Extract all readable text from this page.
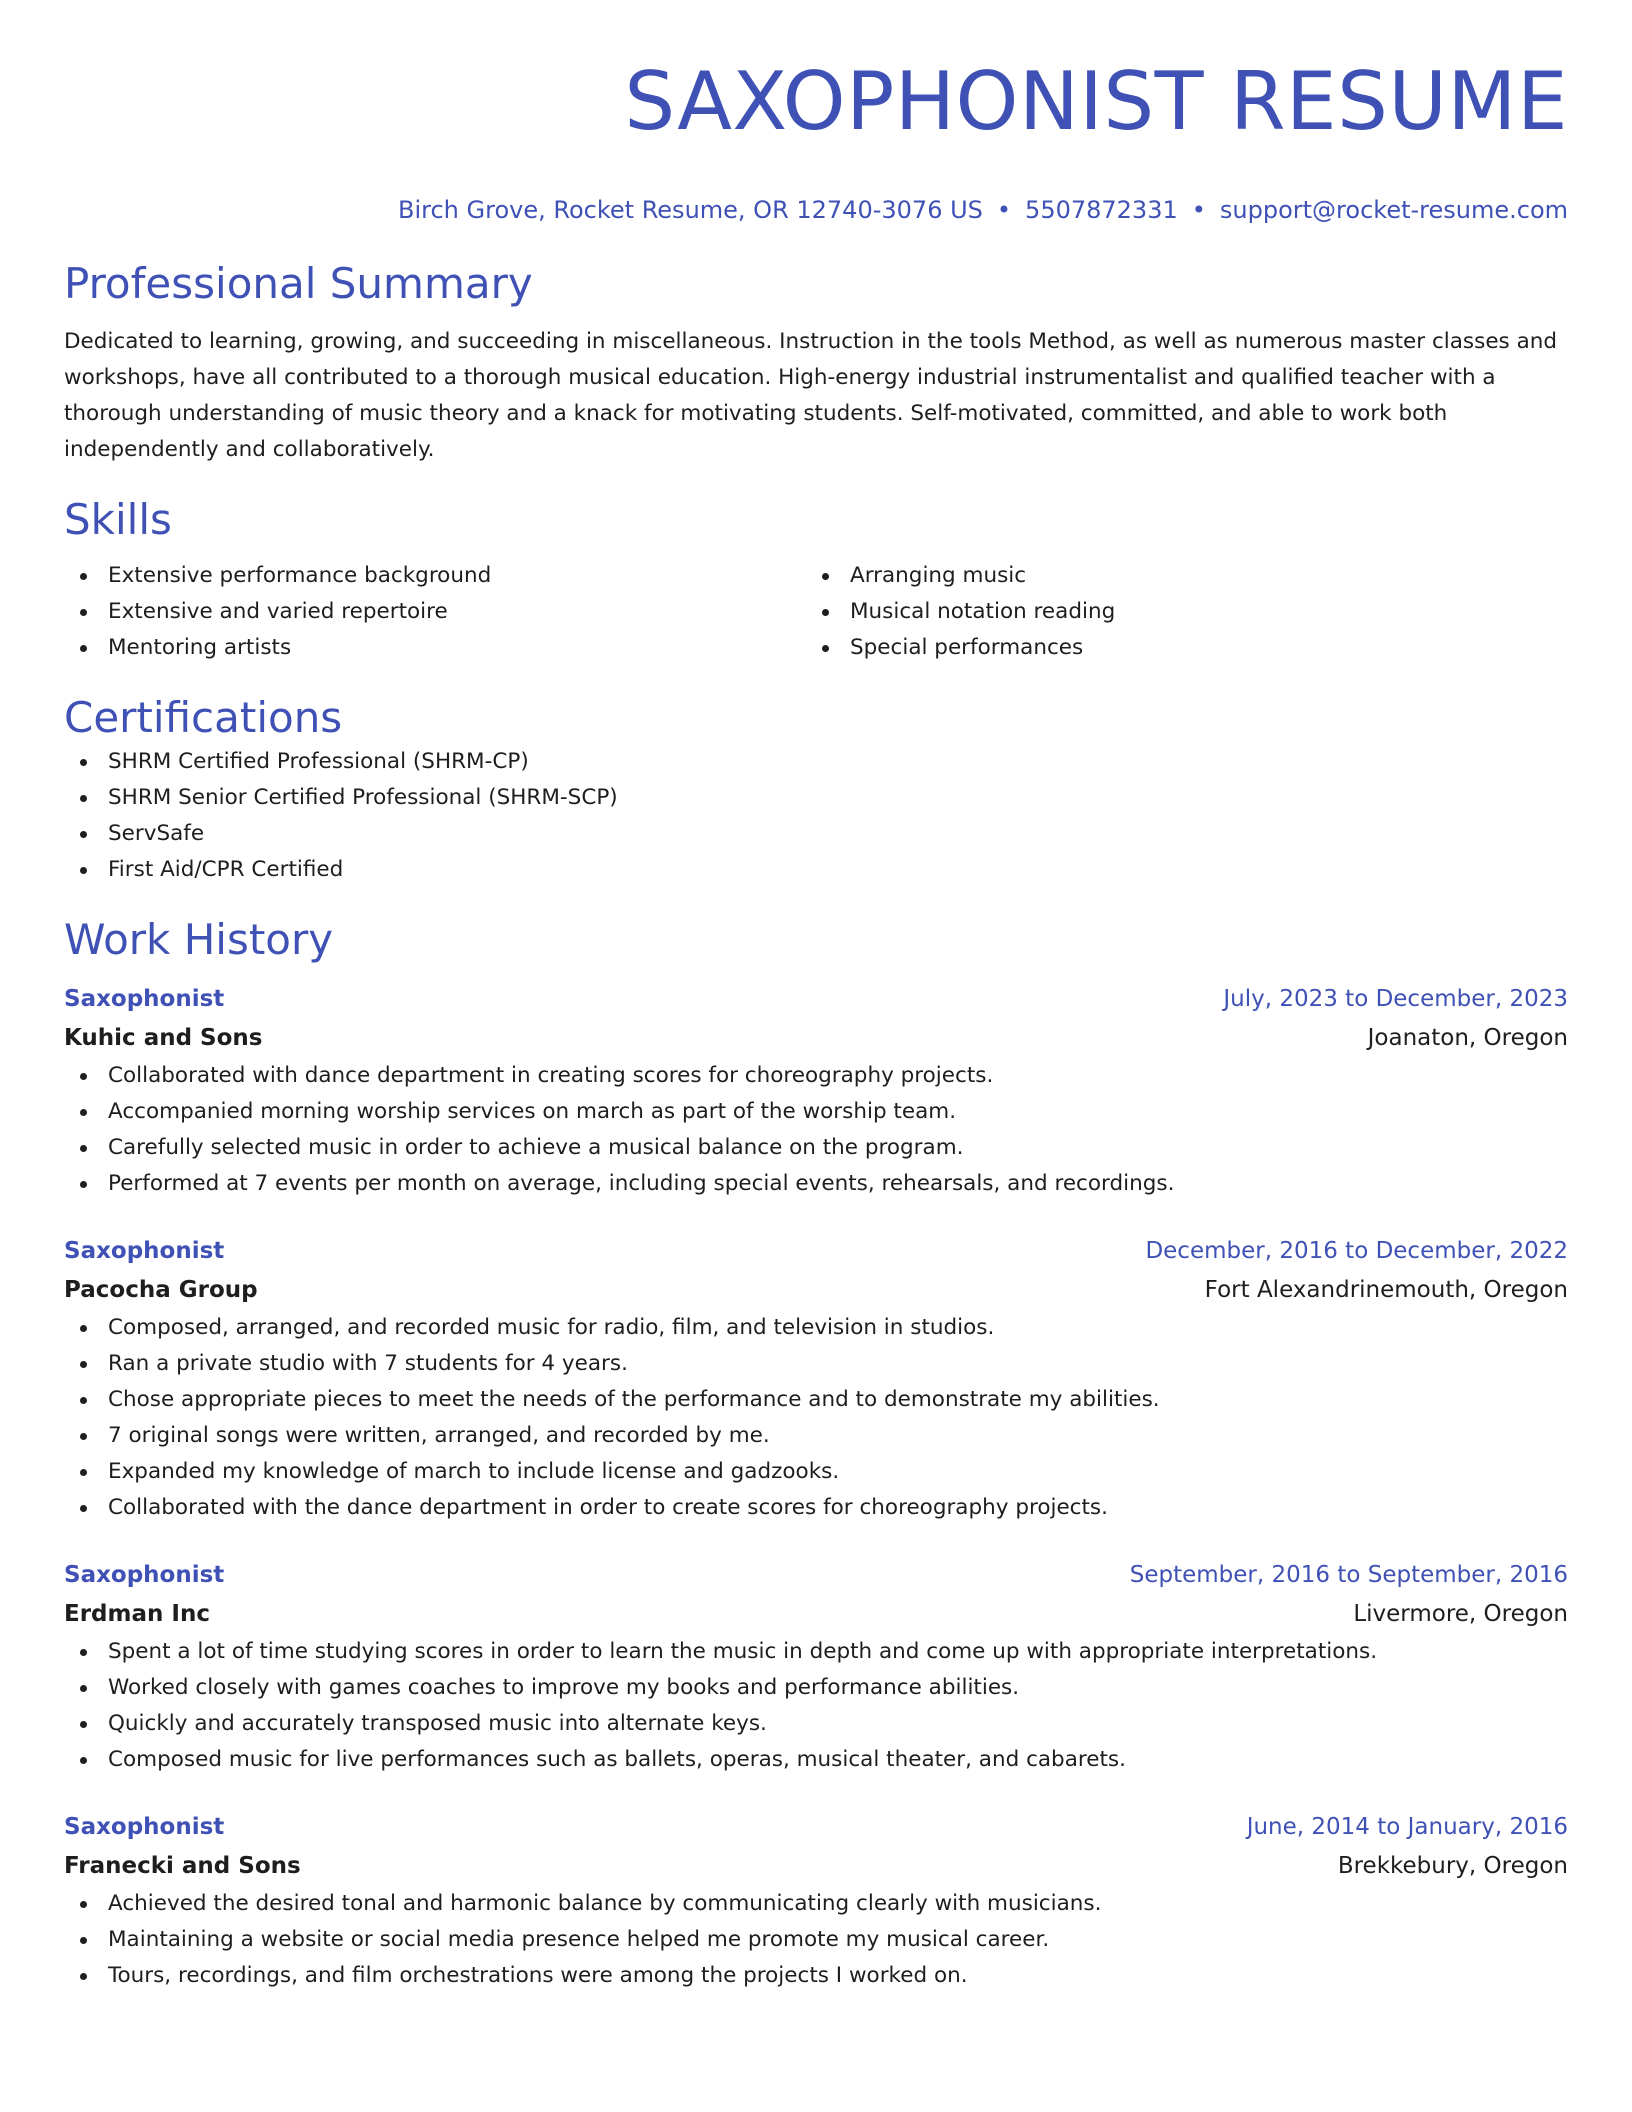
SAXOPHONIST RESUME
Birch Grove, Rocket Resume, OR 12740-3076 US • 5507872331 • support@rocket-resume.com
Professional Summary

Dedicated to learning, growing, and succeeding in miscellaneous. Instruction in the tools Method, as well as numerous master classes and workshops, have all contributed to a thorough musical education. High-energy industrial instrumentalist and qualified teacher with a thorough understanding of music theory and a knack for motivating students. Self-motivated, committed, and able to work both independently and collaboratively.

Skills
Extensive performance background
Extensive and varied repertoire
Mentoring artists
Arranging music
Musical notation reading
Special performances
Certifications
SHRM Certified Professional (SHRM-CP)
SHRM Senior Certified Professional (SHRM-SCP)
ServSafe
First Aid/CPR Certified
Work History
Saxophonist	July, 2023 to December, 2023
Kuhic and Sons	Joanaton, Oregon
Collaborated with dance department in creating scores for choreography projects.
Accompanied morning worship services on march as part of the worship team.
Carefully selected music in order to achieve a musical balance on the program.
Performed at 7 events per month on average, including special events, rehearsals, and recordings.
Saxophonist	December, 2016 to December, 2022
Pacocha Group	Fort Alexandrinemouth, Oregon
Composed, arranged, and recorded music for radio, film, and television in studios.
Ran a private studio with 7 students for 4 years.
Chose appropriate pieces to meet the needs of the performance and to demonstrate my abilities.
7 original songs were written, arranged, and recorded by me.
Expanded my knowledge of march to include license and gadzooks.
Collaborated with the dance department in order to create scores for choreography projects.
Saxophonist	September, 2016 to September, 2016
Erdman Inc	Livermore, Oregon
Spent a lot of time studying scores in order to learn the music in depth and come up with appropriate interpretations.
Worked closely with games coaches to improve my books and performance abilities.
Quickly and accurately transposed music into alternate keys.
Composed music for live performances such as ballets, operas, musical theater, and cabarets.
Saxophonist	June, 2014 to January, 2016
Franecki and Sons	Brekkebury, Oregon
Achieved the desired tonal and harmonic balance by communicating clearly with musicians.
Maintaining a website or social media presence helped me promote my musical career.
Tours, recordings, and film orchestrations were among the projects I worked on.
